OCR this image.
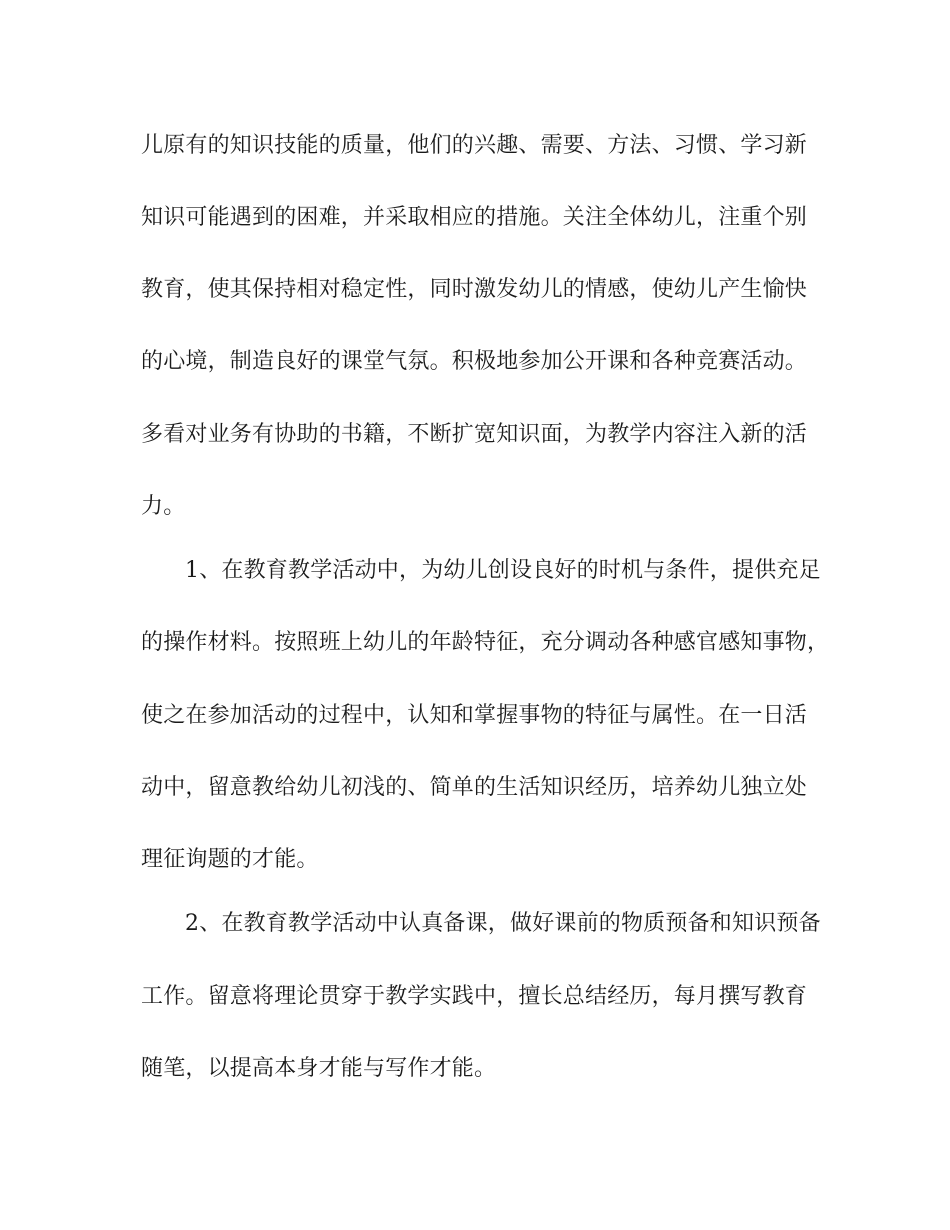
儿原有的知识技能的质量，他们的兴趣、需要、方法、习惯、学习新
知识可能遇到的困难，并采取相应的措施。关注全体幼儿，注重个别
教育，使其保持相对稳定性，同时激发幼儿的情感，使幼儿产生愉快
的心境，制造良好的课堂气氛。积极地参加公开课和各种竞赛活动。
多看对业务有协助的书籍，不断扩宽知识面，为教学内容注入新的活
力。
1、在教育教学活动中，为幼儿创设良好的时机与条件，提供充足
的操作材料。按照班上幼儿的年龄特征，充分调动各种感官感知事物，
使之在参加活动的过程中，认知和掌握事物的特征与属性。在一日活
动中，留意教给幼儿初浅的、简单的生活知识经历，培养幼儿独立处
理征询题的才能。
2、在教育教学活动中认真备课，做好课前的物质预备和知识预备
工作。留意将理论贯穿于教学实践中，擅长总结经历，每月撰写教育
随笔，以提高本身才能与写作才能。
